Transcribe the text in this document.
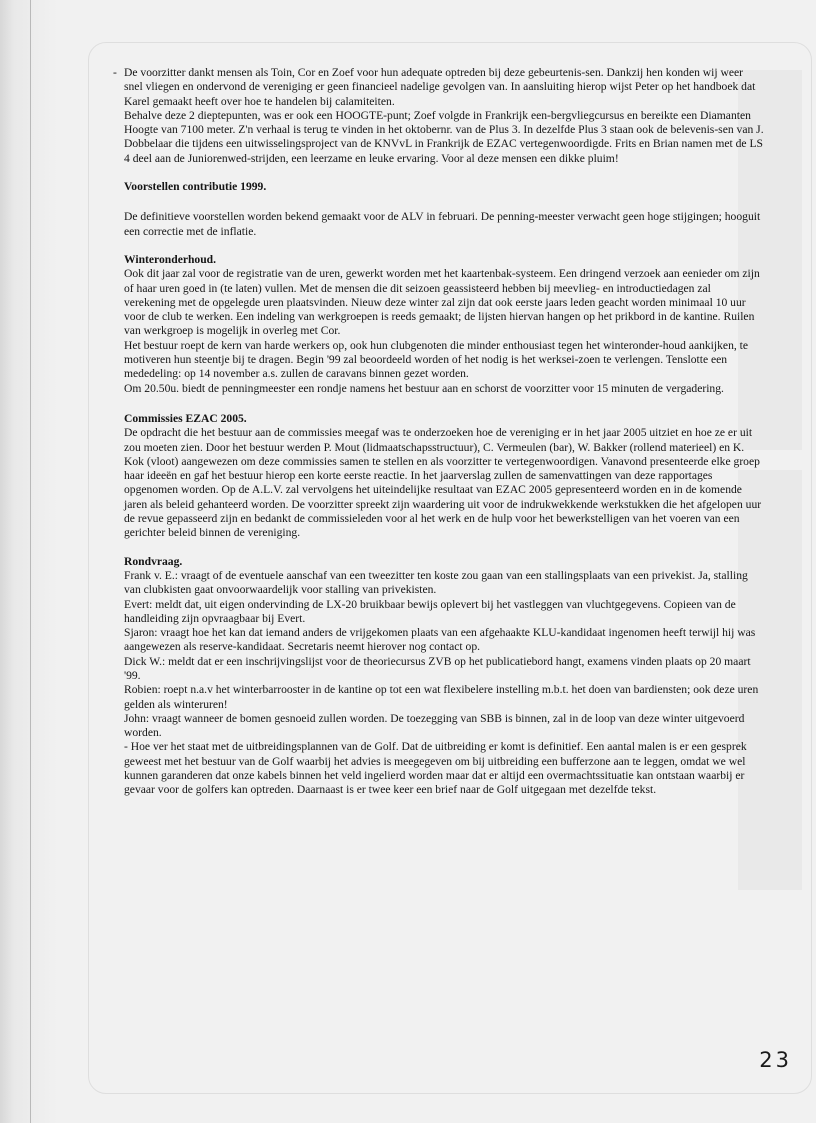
- De voorzitter dankt mensen als Toin, Cor en Zoef voor hun adequate optreden bij deze gebeurtenis-sen. Dankzij hen konden wij weer snel vliegen en ondervond de vereniging er geen financieel nadelige gevolgen van. In aansluiting hierop wijst Peter op het handboek dat Karel gemaakt heeft over hoe te handelen bij calamiteiten.

Behalve deze 2 dieptepunten, was er ook een HOOGTE-punt; Zoef volgde in Frankrijk een-bergvliegcursus en bereikte een Diamanten Hoogte van 7100 meter. Z'n verhaal is terug te vinden in het oktobernr. van de Plus 3. In dezelfde Plus 3 staan ook de belevenis-sen van J. Dobbelaar die tijdens een uitwisselingsproject van de KNVvL in Frankrijk de EZAC vertegenwoordigde. Frits en Brian namen met de LS 4 deel aan de Juniorenwed-strijden, een leerzame en leuke ervaring. Voor al deze mensen een dikke pluim!

Voorstellen contributie 1999.

De definitieve voorstellen worden bekend gemaakt voor de ALV in februari. De penning-meester verwacht geen hoge stijgingen; hooguit een correctie met de inflatie.

Winteronderhoud.

Ook dit jaar zal voor de registratie van de uren, gewerkt worden met het kaartenbak-systeem. Een dringend verzoek aan eenieder om zijn of haar uren goed in (te laten) vullen. Met de mensen die dit seizoen geassisteerd hebben bij meevlieg- en introductiedagen zal verekening met de opgelegde uren plaatsvinden. Nieuw deze winter zal zijn dat ook eerste jaars leden geacht worden minimaal 10 uur voor de club te werken. Een indeling van werkgroepen is reeds gemaakt; de lijsten hiervan hangen op het prikbord in de kantine. Ruilen van werkgroep is mogelijk in overleg met Cor.

Het bestuur roept de kern van harde werkers op, ook hun clubgenoten die minder enthousiast tegen het winteronder-houd aankijken, te motiveren hun steentje bij te dragen. Begin '99 zal beoordeeld worden of het nodig is het werksei-zoen te verlengen. Tenslotte een mededeling: op 14 november a.s. zullen de caravans binnen gezet worden.

Om 20.50u. biedt de penningmeester een rondje namens het bestuur aan en schorst de voorzitter voor 15 minuten de vergadering.

Commissies EZAC 2005.

De opdracht die het bestuur aan de commissies meegaf was te onderzoeken hoe de vereniging er in het jaar 2005 uitziet en hoe ze er uit zou moeten zien. Door het bestuur werden P. Mout (lidmaatschapsstructuur), C. Vermeulen (bar), W. Bakker (rollend materieel) en K. Kok (vloot) aangewezen om deze commissies samen te stellen en als voorzitter te vertegenwoordigen. Vanavond presenteerde elke groep haar ideeën en gaf het bestuur hierop een korte eerste reactie. In het jaarverslag zullen de samenvattingen van deze rapportages opgenomen worden. Op de A.L.V. zal vervolgens het uiteindelijke resultaat van EZAC 2005 gepresenteerd worden en in de komende jaren als beleid gehanteerd worden. De voorzitter spreekt zijn waardering uit voor de indrukwekkende werkstukken die het afgelopen uur de revue gepasseerd zijn en bedankt de commissieleden voor al het werk en de hulp voor het bewerkstelligen van het voeren van een gerichter beleid binnen de vereniging.

Rondvraag.

Frank v. E.: vraagt of de eventuele aanschaf van een tweezitter ten koste zou gaan van een stallingsplaats van een privekist. Ja, stalling van clubkisten gaat onvoorwaardelijk voor stalling van privekisten.

Evert: meldt dat, uit eigen ondervinding de LX-20 bruikbaar bewijs oplevert bij het vastleggen van vluchtgegevens. Copieen van de handleiding zijn opvraagbaar bij Evert.

Sjaron: vraagt hoe het kan dat iemand anders de vrijgekomen plaats van een afgehaakte KLU-kandidaat ingenomen heeft terwijl hij was aangewezen als reserve-kandidaat. Secretaris neemt hierover nog contact op.

Dick W.: meldt dat er een inschrijvingslijst voor de theoriecursus ZVB op het publicatiebord hangt, examens vinden plaats op 20 maart '99.

Robien: roept n.a.v het winterbarrooster in de kantine op tot een wat flexibelere instelling m.b.t. het doen van bardiensten; ook deze uren gelden als winteruren!

John: vraagt wanneer de bomen gesnoeid zullen worden. De toezegging van SBB is binnen, zal in de loop van deze winter uitgevoerd worden.

- Hoe ver het staat met de uitbreidingsplannen van de Golf. Dat de uitbreiding er komt is definitief. Een aantal malen is er een gesprek geweest met het bestuur van de Golf waarbij het advies is meegegeven om bij uitbreiding een bufferzone aan te leggen, omdat we wel kunnen garanderen dat onze kabels binnen het veld ingelierd worden maar dat er altijd een overmachtssituatie kan ontstaan waarbij er gevaar voor de golfers kan optreden. Daarnaast is er twee keer een brief naar de Golf uitgegaan met dezelfde tekst.

23
